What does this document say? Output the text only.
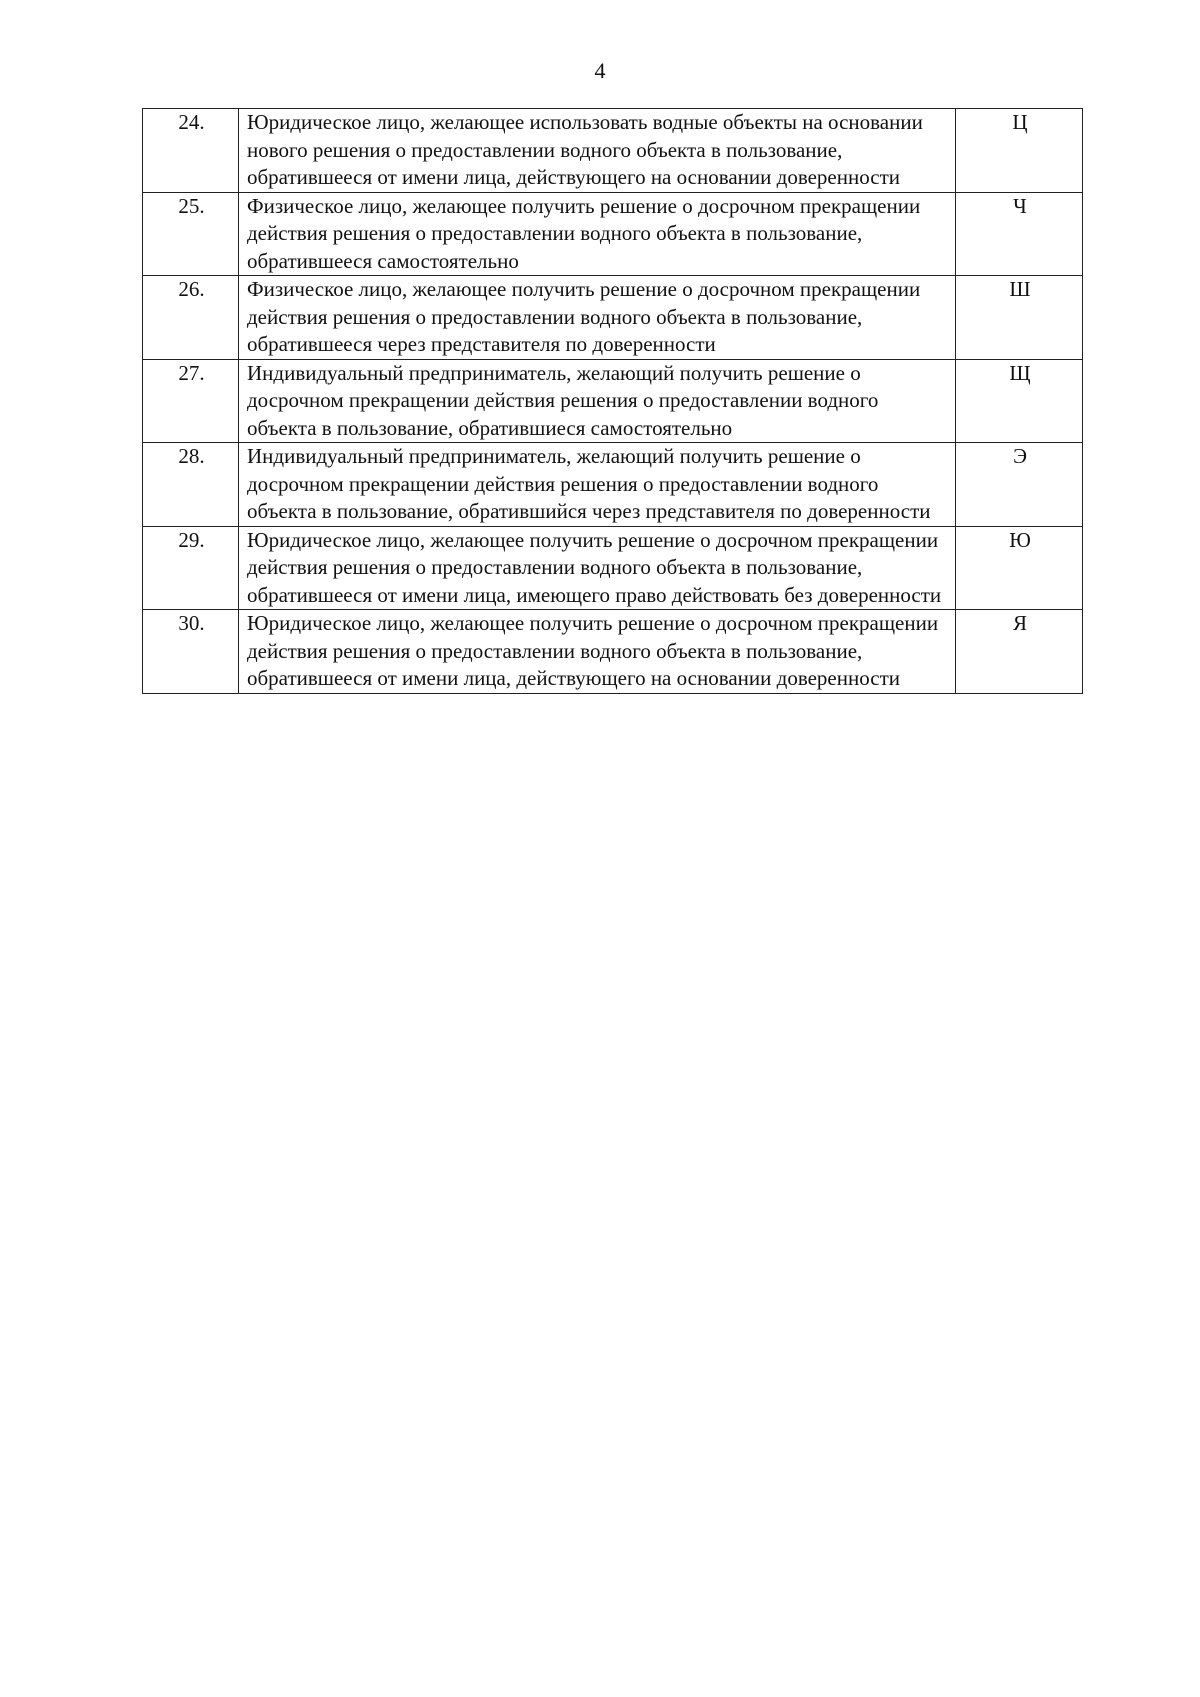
4
24.	Юридическое лицо, желающее использовать водные объекты на основании нового решения о предоставлении водного объекта в пользование, обратившееся от имени лица, действующего на основании доверенности	Ц
25.	Физическое лицо, желающее получить решение о досрочном прекращении действия решения о предоставлении водного объекта в пользование, обратившееся самостоятельно	Ч
26.	Физическое лицо, желающее получить решение о досрочном прекращении действия решения о предоставлении водного объекта в пользование, обратившееся через представителя по доверенности	Ш
27.	Индивидуальный предприниматель, желающий получить решение о досрочном прекращении действия решения о предоставлении водного объекта в пользование, обратившиеся самостоятельно	Щ
28.	Индивидуальный предприниматель, желающий получить решение о досрочном прекращении действия решения о предоставлении водного объекта в пользование, обратившийся через представителя по доверенности	Э
29.	Юридическое лицо, желающее получить решение о досрочном прекращении действия решения о предоставлении водного объекта в пользование, обратившееся от имени лица, имеющего право действовать без доверенности	Ю
30.	Юридическое лицо, желающее получить решение о досрочном прекращении действия решения о предоставлении водного объекта в пользование, обратившееся от имени лица, действующего на основании доверенности	Я
